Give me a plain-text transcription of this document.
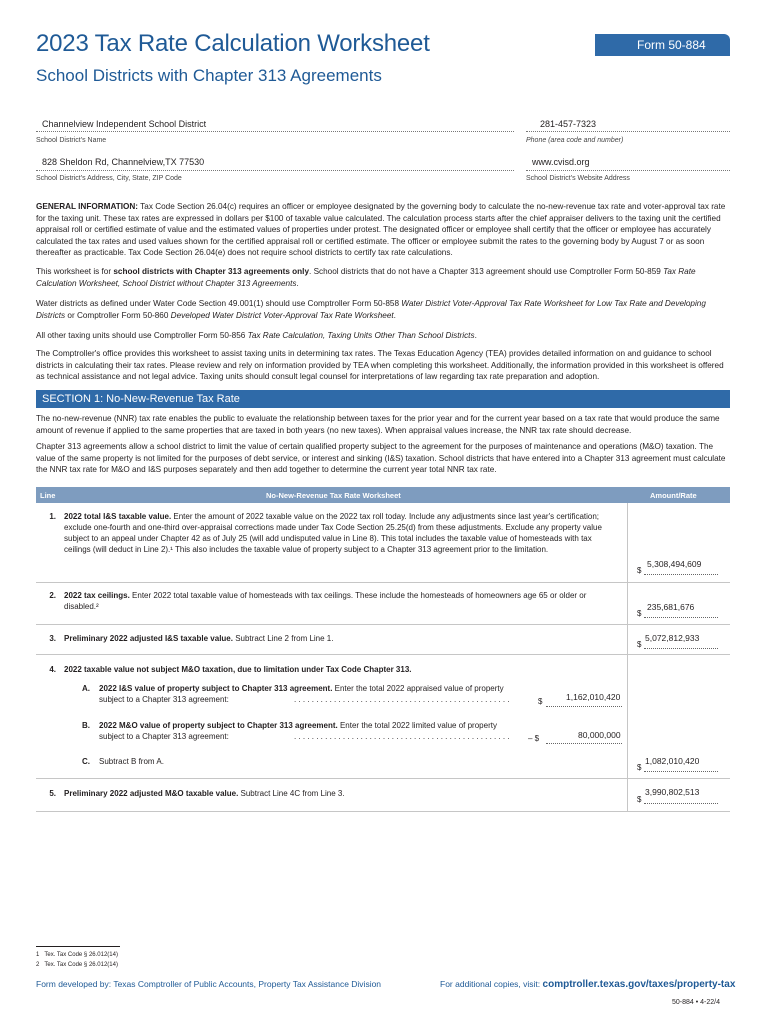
2023 Tax Rate Calculation Worksheet	Form 50-884
School Districts with Chapter 313 Agreements
Channelview Independent School District
School District's Name
281-457-7323
Phone (area code and number)
828 Sheldon Rd, Channelview,TX 77530
School District's Address, City, State, ZIP Code
www.cvisd.org
School District's Website Address
GENERAL INFORMATION: Tax Code Section 26.04(c) requires an officer or employee designated by the governing body to calculate the no-new-revenue tax rate and voter-approval tax rate for the taxing unit. These tax rates are expressed in dollars per $100 of taxable value calculated. The calculation process starts after the chief appraiser delivers to the taxing unit the certified appraisal roll or certified estimate of value and the estimated values of properties under protest. The designated officer or employee shall certify that the officer or employee has accurately calculated the tax rates and used values shown for the certified appraisal roll or certified estimate. The officer or employee submit the rates to the governing body by August 7 or as soon thereafter as practicable. Tax Code Section 26.04(e) does not require school districts to certify tax rate calculations.
This worksheet is for school districts with Chapter 313 agreements only. School districts that do not have a Chapter 313 agreement should use Comptroller Form 50-859 Tax Rate Calculation Worksheet, School District without Chapter 313 Agreements.
Water districts as defined under Water Code Section 49.001(1) should use Comptroller Form 50-858 Water District Voter-Approval Tax Rate Worksheet for Low Tax Rate and Developing Districts or Comptroller Form 50-860 Developed Water District Voter-Approval Tax Rate Worksheet.
All other taxing units should use Comptroller Form 50-856 Tax Rate Calculation, Taxing Units Other Than School Districts.
The Comptroller's office provides this worksheet to assist taxing units in determining tax rates. The Texas Education Agency (TEA) provides detailed information on and guidance to school districts in calculating their tax rates. Please review and rely on information provided by TEA when completing this worksheet. Additionally, the information provided in this worksheet is offered as technical assistance and not legal advice. Taxing units should consult legal counsel for interpretations of law regarding tax rate preparation and adoption.
SECTION 1: No-New-Revenue Tax Rate
The no-new-revenue (NNR) tax rate enables the public to evaluate the relationship between taxes for the prior year and for the current year based on a tax rate that would produce the same amount of revenue if applied to the same properties that are taxed in both years (no new taxes). When appraisal values increase, the NNR tax rate should decrease.
Chapter 313 agreements allow a school district to limit the value of certain qualified property subject to the agreement for the purposes of maintenance and operations (M&O) taxation. The value of the same property is not limited for the purposes of debt service, or interest and sinking (I&S) taxation. School districts that have entered into a Chapter 313 agreement must calculate the NNR tax rate for M&O and I&S purposes separately and then add together to determine the current year total NNR tax rate.
Line	No-New-Revenue Tax Rate Worksheet	Amount/Rate
1. 2022 total I&S taxable value. Enter the amount of 2022 taxable value on the 2022 tax roll today. Include any adjustments since last year's certification; exclude one-fourth and one-third over-appraisal corrections made under Tax Code Section 25.25(d) from these adjustments. Exclude any property value subject to an appeal under Chapter 42 as of July 25 (will add undisputed value in Line 8). This total includes the taxable value of homesteads with tax ceilings (will deduct in Line 2).¹ This also includes the taxable value of property subject to a Chapter 313 agreement prior to the limitation.
$
5,308,494,609
2. 2022 tax ceilings. Enter 2022 total taxable value of homesteads with tax ceilings. These include the homesteads of homeowners age 65 or older or disabled.²
$
235,681,676
3. Preliminary 2022 adjusted I&S taxable value. Subtract Line 2 from Line 1.
$
5,072,812,933
4. 2022 taxable value not subject M&O taxation, due to limitation under Tax Code Chapter 313.
A.	2022 I&S value of property subject to Chapter 313 agreement. Enter the total 2022 appraised value of property subject to a Chapter 313 agreement:	. . . . . . . . . . . . . . . . . . . . . . . . . . . . . . . . . . . . . . . . . . . . . . . . .	$	1,162,010,420
B.	2022 M&O value of property subject to Chapter 313 agreement. Enter the total 2022 limited value of property subject to a Chapter 313 agreement:	. . . . . . . . . . . . . . . . . . . . . . . . . . . . . . . . . . . . . . . . . . . . . . . . . – $	80,000,000
C.	Subtract B from A.
$
1,082,010,420
5. Preliminary 2022 adjusted M&O taxable value. Subtract Line 4C from Line 3.
$
3,990,802,513
1 Tex. Tax Code § 26.012(14)
2 Tex. Tax Code § 26.012(14)
Form developed by: Texas Comptroller of Public Accounts, Property Tax Assistance Division	For additional copies, visit: comptroller.texas.gov/taxes/property-tax
50-884 • 4-22/4
